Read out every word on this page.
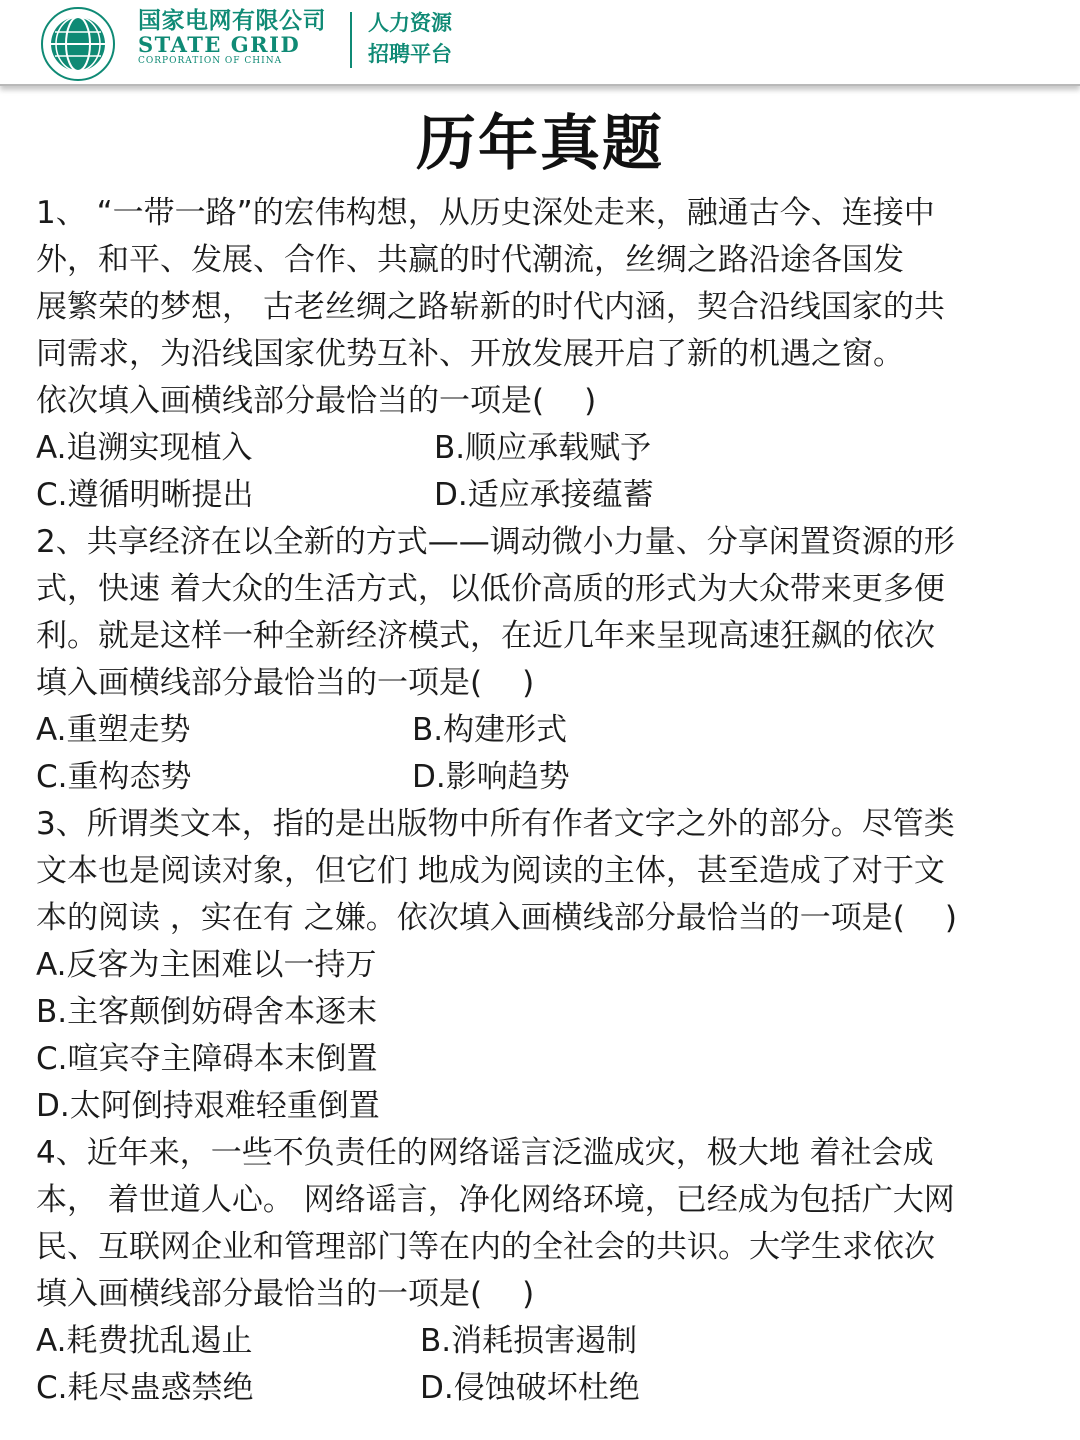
国家电网有限公司
STATE GRID
CORPORATION OF CHINA
人力资源
招聘平台
历年真题
1、 “一带一路”的宏伟构想，从历史深处走来，融通古今、连接中
外，和平、发展、合作、共赢的时代潮流，丝绸之路沿途各国发
展繁荣的梦想， 古老丝绸之路崭新的时代内涵，契合沿线国家的共
同需求，为沿线国家优势互补、开放发展开启了新的机遇之窗。
依次填入画横线部分最恰当的一项是( )
A.追溯实现植入	B.顺应承载赋予
C.遵循明晰提出	D.适应承接蕴蓄
2、共享经济在以全新的方式——调动微小力量、分享闲置资源的形
式，快速 着大众的生活方式，以低价高质的形式为大众带来更多便
利。就是这样一种全新经济模式，在近几年来呈现高速狂飙的依次
填入画横线部分最恰当的一项是( )
A.重塑走势	B.构建形式
C.重构态势	D.影响趋势
3、所谓类文本，指的是出版物中所有作者文字之外的部分。尽管类
文本也是阅读对象，但它们 地成为阅读的主体，甚至造成了对于文
本的阅读 ，实在有 之嫌。依次填入画横线部分最恰当的一项是( )
A.反客为主困难以一持万
B.主客颠倒妨碍舍本逐末
C.喧宾夺主障碍本末倒置
D.太阿倒持艰难轻重倒置
4、近年来，一些不负责任的网络谣言泛滥成灾，极大地 着社会成
本， 着世道人心。 网络谣言，净化网络环境，已经成为包括广大网
民、互联网企业和管理部门等在内的全社会的共识。大学生求依次
填入画横线部分最恰当的一项是( )
A.耗费扰乱遏止	B.消耗损害遏制
C.耗尽蛊惑禁绝	D.侵蚀破坏杜绝
